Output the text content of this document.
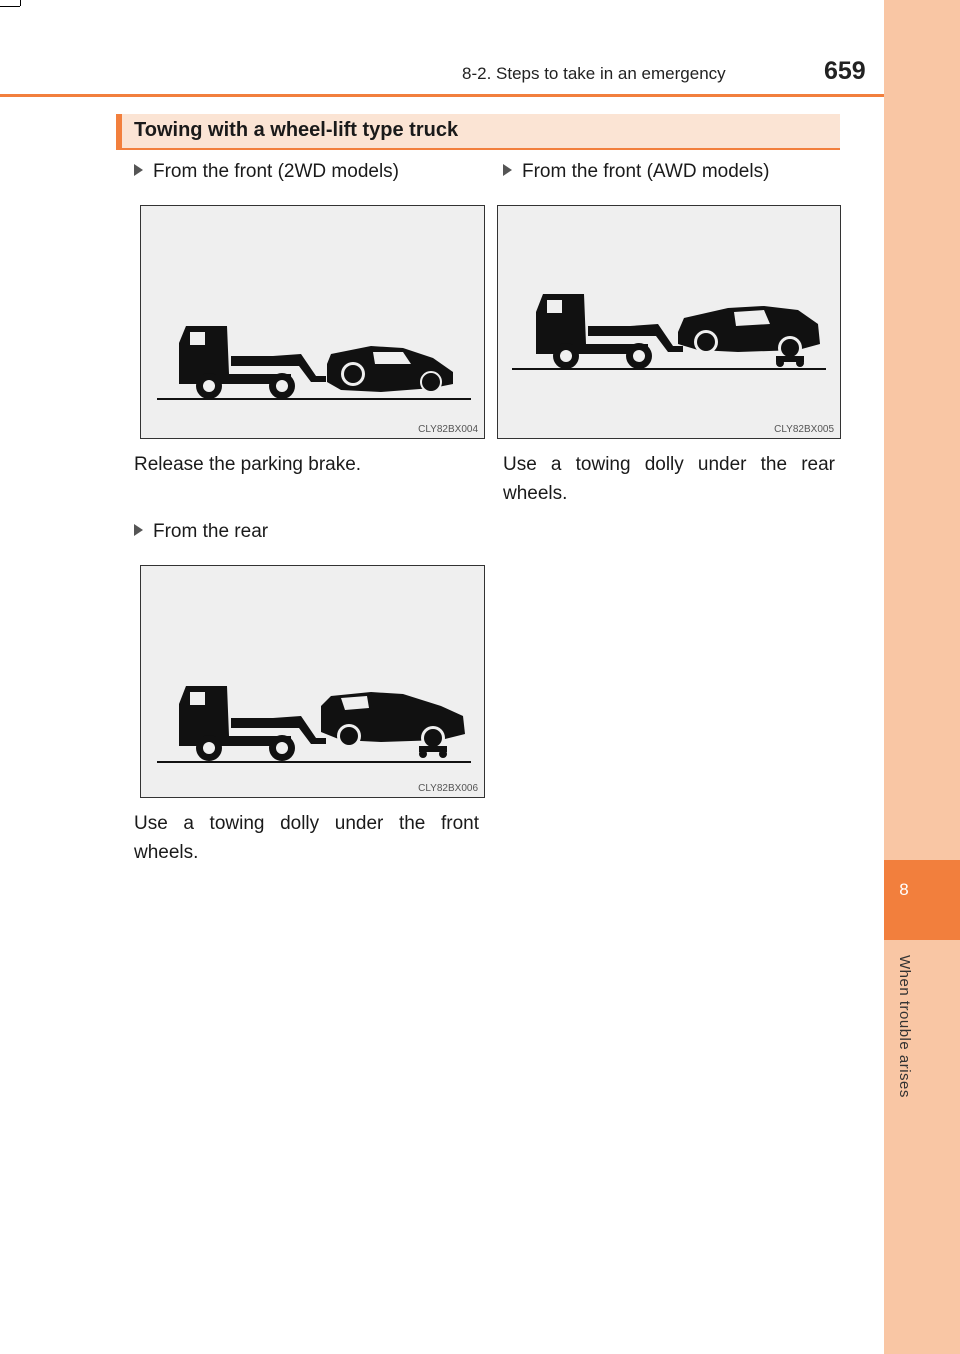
8
When trouble arises
8-2. Steps to take in an emergency	659
Towing with a wheel-lift type truck
From the front (2WD models)
CLY82BX004
Release the parking brake.
From the front (AWD models)
CLY82BX005
Use a towing dolly under the rear wheels.
From the rear
CLY82BX006
Use a towing dolly under the front wheels.
